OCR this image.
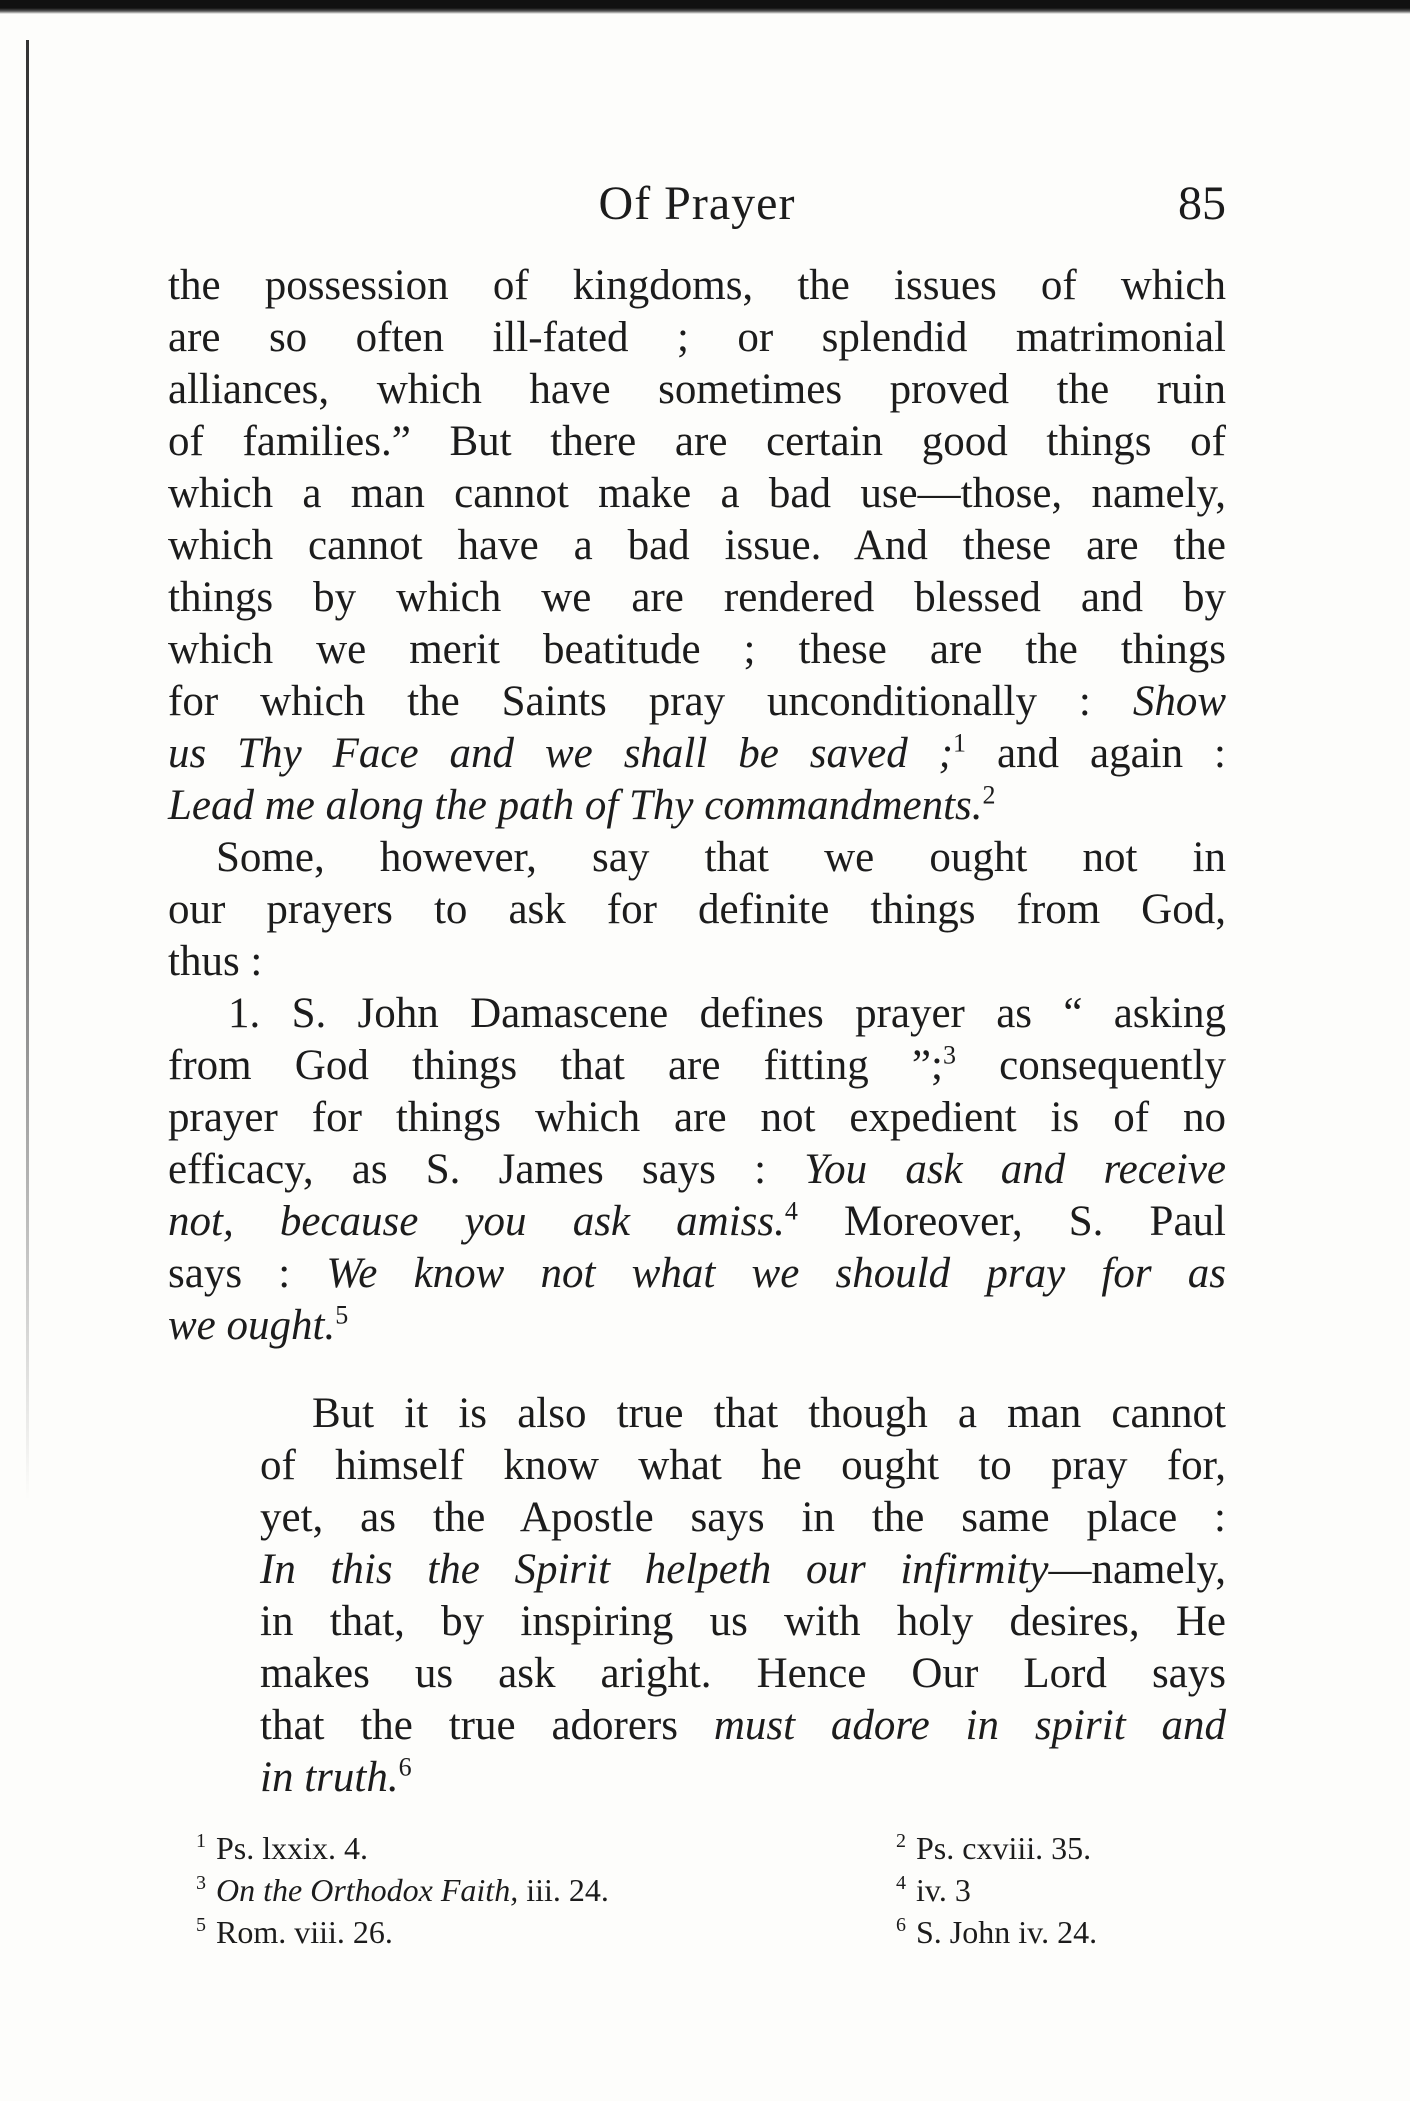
Of Prayer	85
the possession of kingdoms, the issues of which
are so often ill-fated ; or splendid matrimonial
alliances, which have sometimes proved the ruin
of families.” But there are certain good things of
which a man cannot make a bad use—those, namely,
which cannot have a bad issue. And these are the
things by which we are rendered blessed and by
which we merit beatitude ; these are the things
for which the Saints pray unconditionally : Show
us Thy Face and we shall be saved ;$^1$ and again :
Lead me along the path of Thy commandments.$^2$
Some, however, say that we ought not in
our prayers to ask for definite things from God,
thus :
1. S. John Damascene defines prayer as “ asking
from God things that are fitting ”;$^3$ consequently
prayer for things which are not expedient is of no
efficacy, as S. James says : You ask and receive
not, because you ask amiss.$^4$ Moreover, S. Paul
says : We know not what we should pray for as
we ought.$^5$
But it is also true that though a man cannot
of himself know what he ought to pray for,
yet, as the Apostle says in the same place :
In this the Spirit helpeth our infirmity—namely,
in that, by inspiring us with holy desires, He
makes us ask aright. Hence Our Lord says
that the true adorers must adore in spirit and
in truth.$^6$
$^1$ Ps. lxxix. 4.	$^2$ Ps. cxviii. 35.
$^3$ On the Orthodox Faith, iii. 24.	$^4$ iv. 3
$^5$ Rom. viii. 26.	$^6$ S. John iv. 24.
